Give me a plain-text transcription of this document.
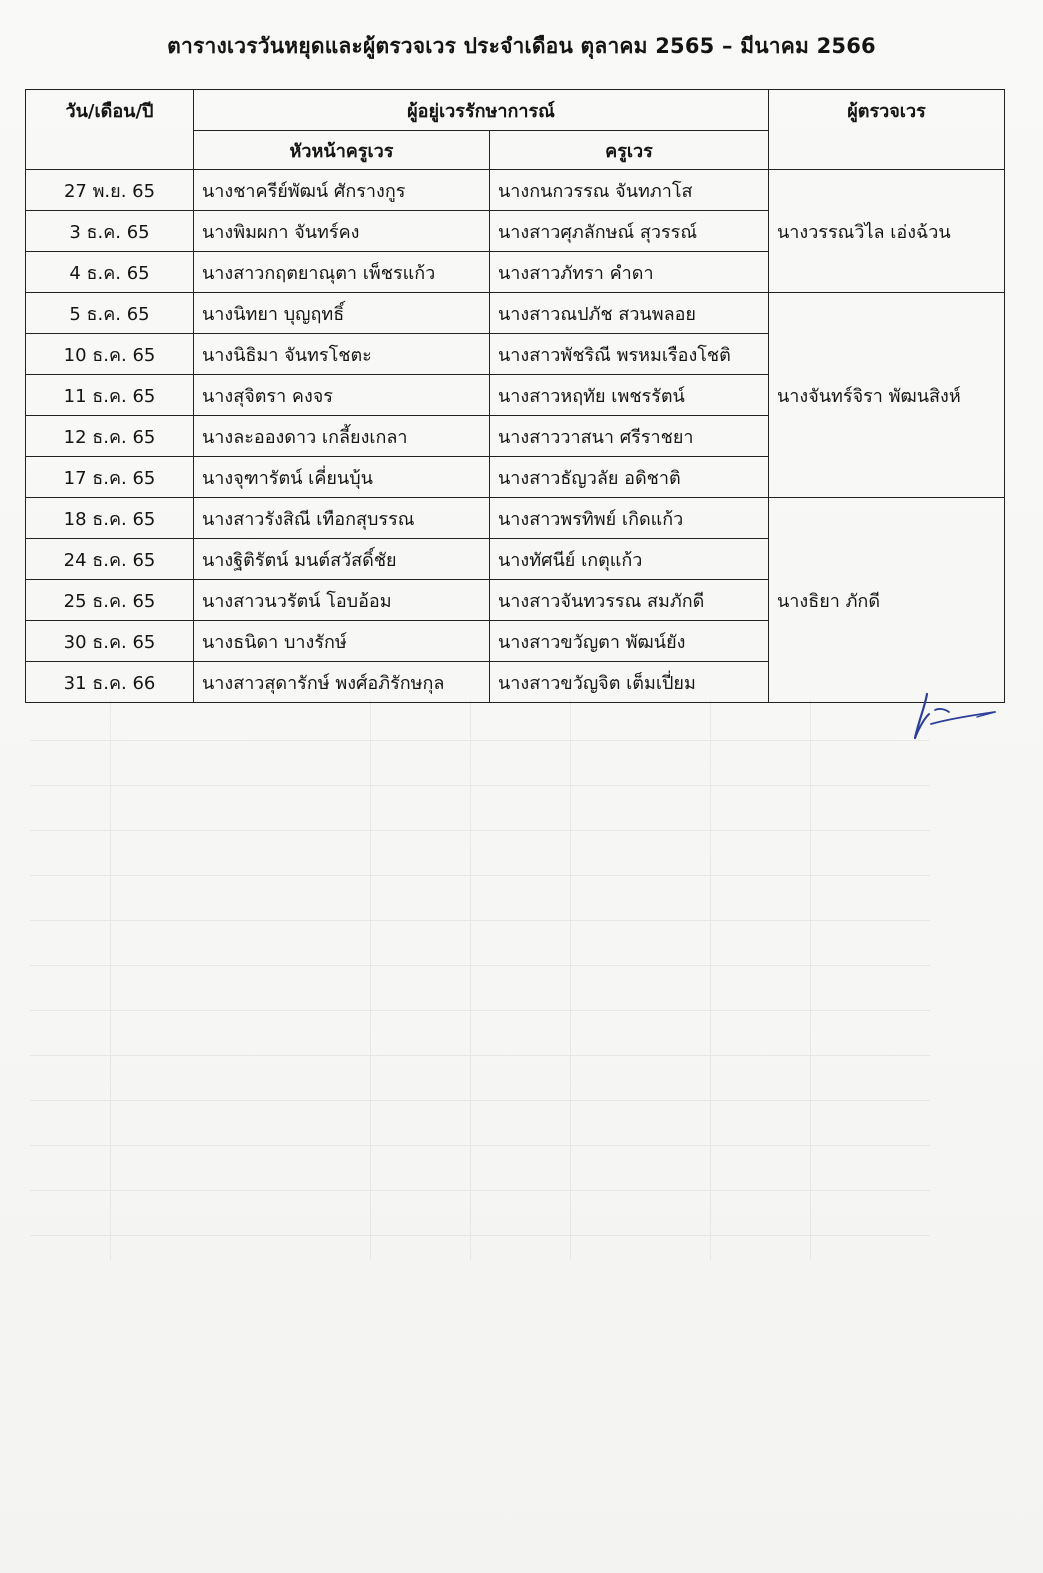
ตารางเวรวันหยุดและผู้ตรวจเวร ประจำเดือน ตุลาคม 2565 – มีนาคม 2566
วัน/เดือน/ปี	ผู้อยู่เวรรักษาการณ์		ผู้ตรวจเวร
	หัวหน้าครูเวร	ครูเวร	
27 พ.ย. 65	นางชาครีย์พัฒน์ ศักรางกูร	นางกนกวรรณ จันทภาโส	นางวรรณวิไล เอ่งฉ้วน
3 ธ.ค. 65	นางพิมผกา จันทร์คง	นางสาวศุภลักษณ์ สุวรรณ์	
4 ธ.ค. 65	นางสาวกฤตยาณุตา เพ็ชรแก้ว	นางสาวภัทรา คำดา	
5 ธ.ค. 65	นางนิทยา บุญฤทธิ์	นางสาวณปภัช สวนพลอย	นางจันทร์จิรา พัฒนสิงห์
10 ธ.ค. 65	นางนิธิมา จันทรโชตะ	นางสาวพัชริณี พรหมเรืองโชติ	
11 ธ.ค. 65	นางสุจิตรา คงจร	นางสาวหฤทัย เพชรรัตน์	
12 ธ.ค. 65	นางละอองดาว เกลี้ยงเกลา	นางสาววาสนา ศรีราชยา	
17 ธ.ค. 65	นางจุฑารัตน์ เคี่ยนบุ้น	นางสาวธัญวลัย อดิชาติ	
18 ธ.ค. 65	นางสาวรังสิณี เทือกสุบรรณ	นางสาวพรทิพย์ เกิดแก้ว	นางธิยา ภักดี
24 ธ.ค. 65	นางฐิติรัตน์ มนต์สวัสดิ์ชัย	นางทัศนีย์ เกตุแก้ว	
25 ธ.ค. 65	นางสาวนวรัตน์ โอบอ้อม	นางสาวจันทวรรณ สมภักดี	
30 ธ.ค. 65	นางธนิดา บางรักษ์	นางสาวขวัญตา พัฒน์ยัง	
31 ธ.ค. 66	นางสาวสุดารักษ์ พงศ์อภิรักษกุล	นางสาวขวัญจิต เต็มเปี่ยม	
